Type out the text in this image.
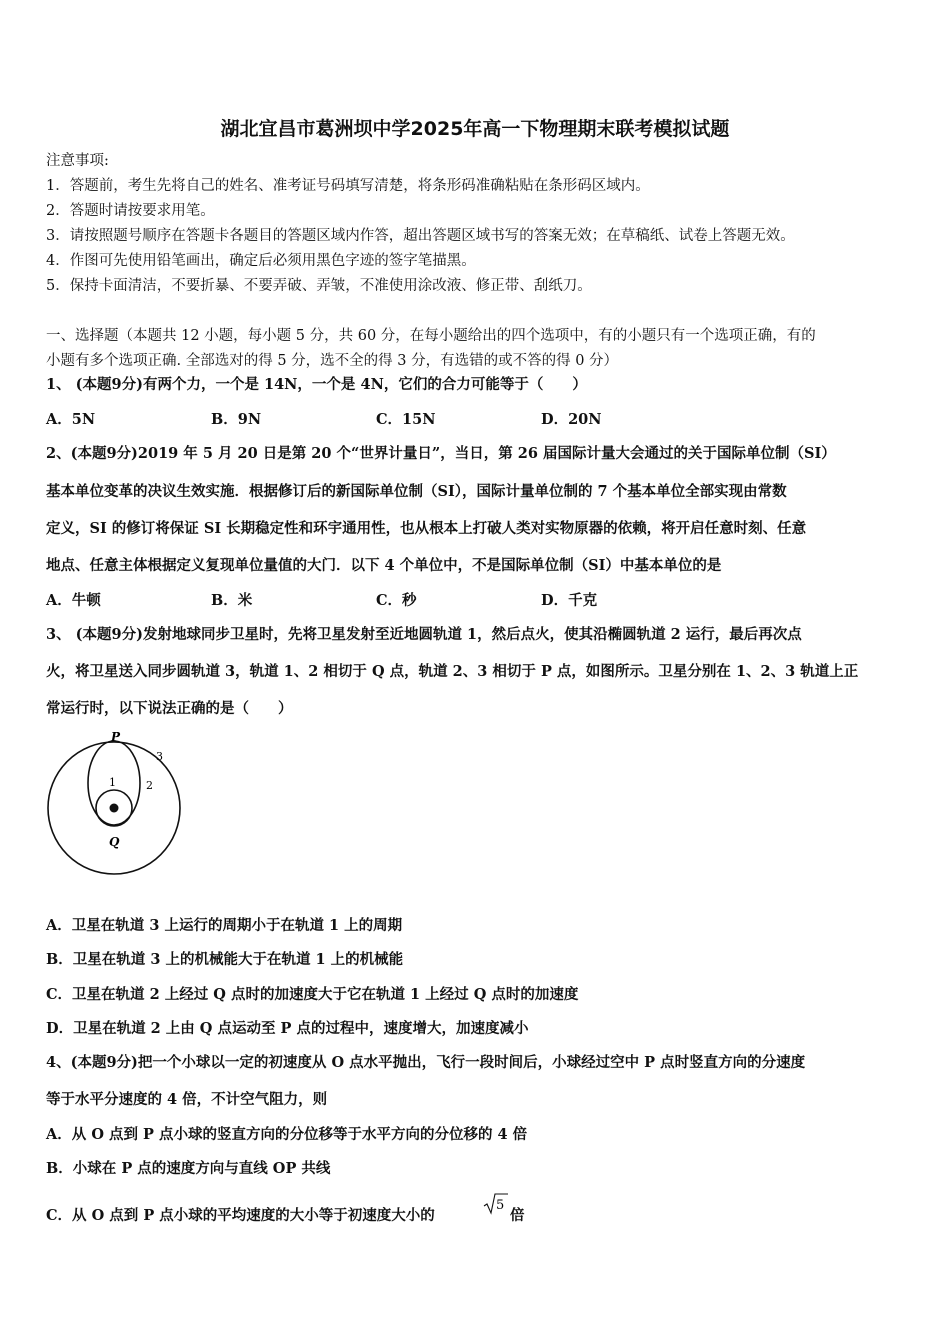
湖北宜昌市葛洲坝中学2025年高一下物理期末联考模拟试题
注意事项:
1．答题前，考生先将自己的姓名、准考证号码填写清楚，将条形码准确粘贴在条形码区域内。
2．答题时请按要求用笔。
3．请按照题号顺序在答题卡各题目的答题区域内作答，超出答题区域书写的答案无效；在草稿纸、试卷上答题无效。
4．作图可先使用铅笔画出，确定后必须用黑色字迹的签字笔描黑。
5．保持卡面清洁，不要折暴、不要弄破、弄皱，不准使用涂改液、修正带、刮纸刀。
一、选择题（本题共 12 小题，每小题 5 分，共 60 分，在每小题给出的四个选项中，有的小题只有一个选项正确，有的
小题有多个选项正确. 全部选对的得 5 分，选不全的得 3 分，有选错的或不答的得 0 分）
1、 (本题9分)有两个力，一个是 14N，一个是 4N，它们的合力可能等于（　　）
A．5N	B．9N	C．15N	D．20N
2、(本题9分)2019 年 5 月 20 日是第 20 个“世界计量日”，当日，第 26 届国际计量大会通过的关于国际单位制（SI）
基本单位变革的决议生效实施．根据修订后的新国际单位制（SI），国际计量单位制的 7 个基本单位全部实现由常数
定义，SI 的修订将保证 SI 长期稳定性和环宇通用性，也从根本上打破人类对实物原器的依赖，将开启任意时刻、任意
地点、任意主体根据定义复现单位量值的大门．以下 4 个单位中，不是国际单位制（SI）中基本单位的是
A．牛顿	B．米	C．秒	D．千克
3、 (本题9分)发射地球同步卫星时，先将卫星发射至近地圆轨道 1，然后点火，使其沿椭圆轨道 2 运行，最后再次点
火，将卫星送入同步圆轨道 3，轨道 1、2 相切于 Q 点，轨道 2、3 相切于 P 点，如图所示。卫星分别在 1、2、3 轨道上正
常运行时，以下说法正确的是（　　）
P
Q
1	2
3
A．卫星在轨道 3 上运行的周期小于在轨道 1 上的周期
B．卫星在轨道 3 上的机械能大于在轨道 1 上的机械能
C．卫星在轨道 2 上经过 Q 点时的加速度大于它在轨道 1 上经过 Q 点时的加速度
D．卫星在轨道 2 上由 Q 点运动至 P 点的过程中，速度增大，加速度减小
4、(本题9分)把一个小球以一定的初速度从 O 点水平抛出，飞行一段时间后，小球经过空中 P 点时竖直方向的分速度
等于水平分速度的 4 倍，不计空气阻力，则
A．从 O 点到 P 点小球的竖直方向的分位移等于水平方向的分位移的 4 倍
B．小球在 P 点的速度方向与直线 OP 共线
C．从 O 点到 P 点小球的平均速度的大小等于初速度大小的
5
倍
